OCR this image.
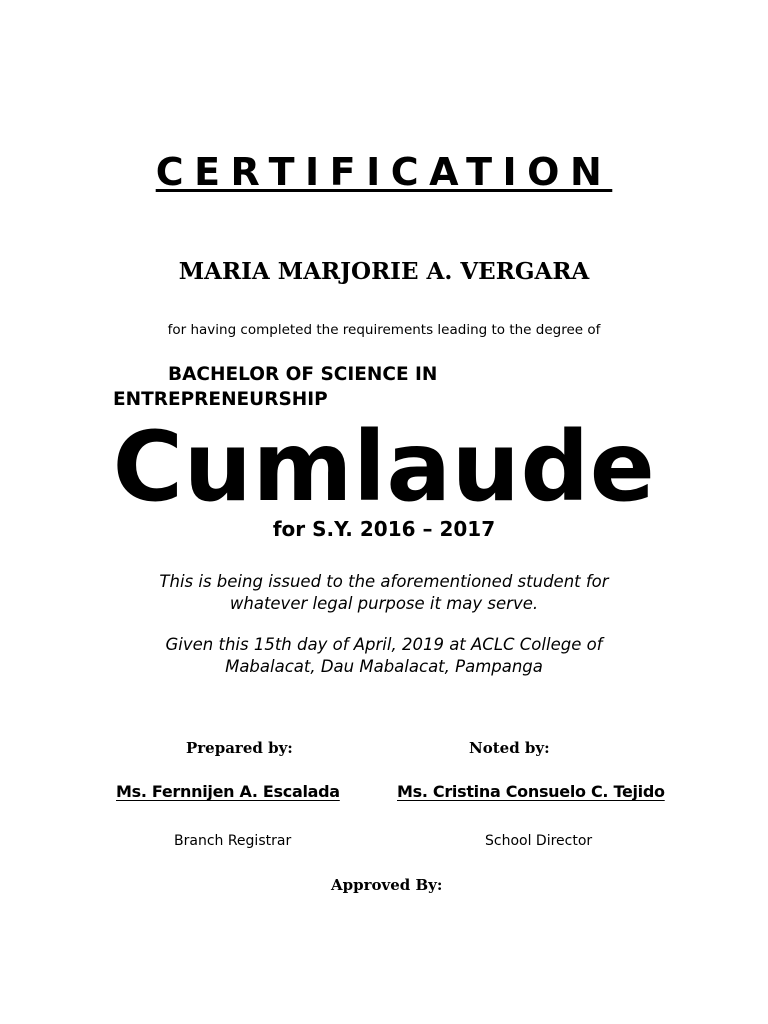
CERTIFICATION
MARIA MARJORIE A. VERGARA
for having completed the requirements leading to the degree of
BACHELOR OF SCIENCE IN
ENTREPRENEURSHIP
Cumlaude
for S.Y. 2016 – 2017
This is being issued to the aforementioned student for
whatever legal purpose it may serve.
Given this 15th day of April, 2019 at ACLC College of
Mabalacat, Dau Mabalacat, Pampanga
Prepared by:	Noted by:
Ms. Fernnijen A. Escalada	Ms. Cristina Consuelo C. Tejido
Branch Registrar	School Director
Approved By:
